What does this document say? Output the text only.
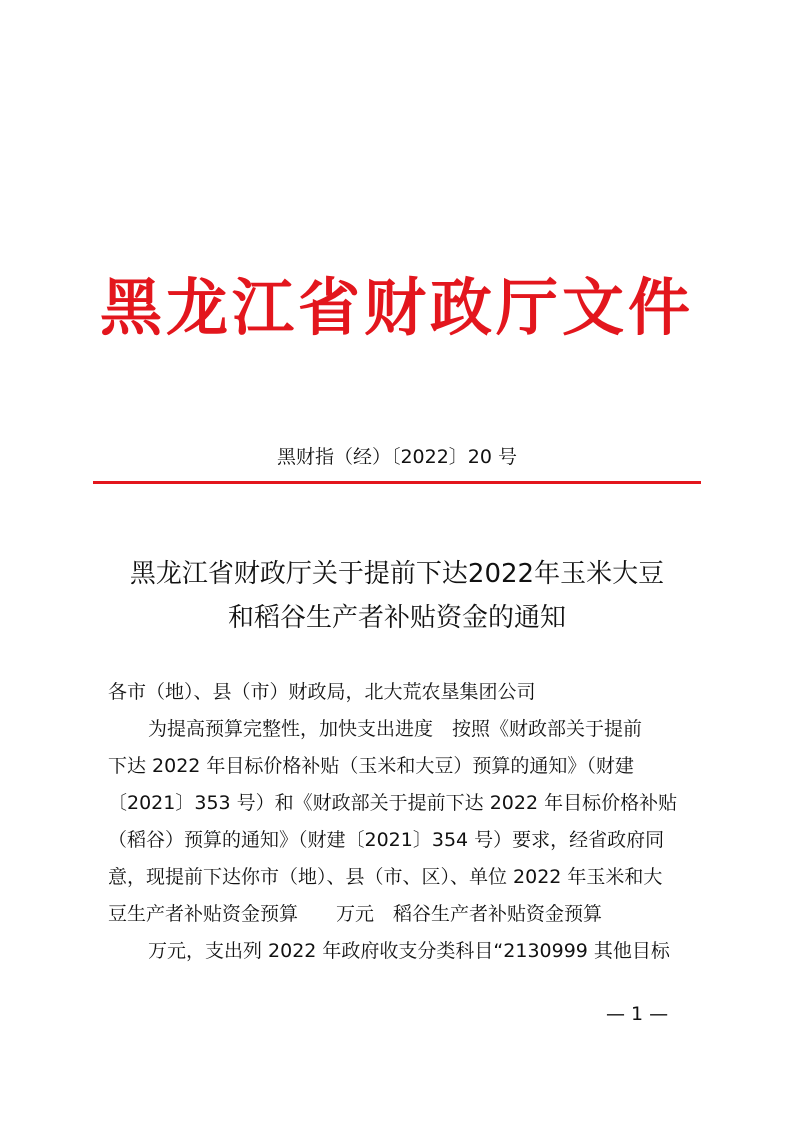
黑龙江省财政厅文件
黑财指（经）〔2022〕20 号
黑龙江省财政厅关于提前下达2022年玉米大豆
和稻谷生产者补贴资金的通知
各市（地）、县（市）财政局，北大荒农垦集团公司
为提高预算完整性，加快支出进度　按照《财政部关于提前
下达 2022 年目标价格补贴（玉米和大豆）预算的通知》（财建
〔2021〕353 号）和《财政部关于提前下达 2022 年目标价格补贴
（稻谷）预算的通知》（财建〔2021〕354 号）要求，经省政府同
意，现提前下达你市（地）、县（市、区）、单位 2022 年玉米和大
豆生产者补贴资金预算　　万元　稻谷生产者补贴资金预算
万元，支出列 2022 年政府收支分类科目“2130999 其他目标
— 1 —
